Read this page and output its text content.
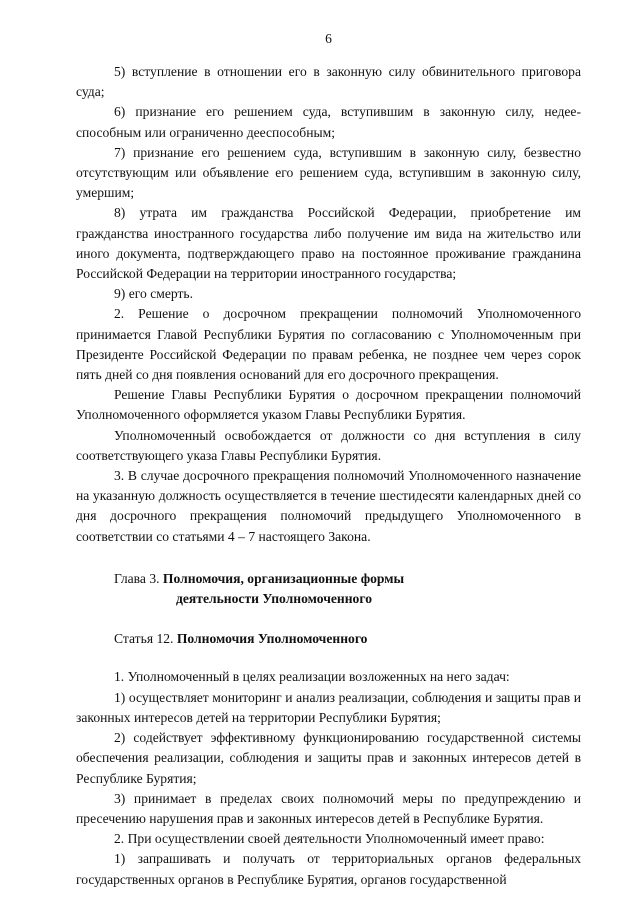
6

5) вступление в отношении его в законную силу обвинительного приговора суда;

6) признание его решением суда, вступившим в законную силу, недееспособным или ограниченно дееспособным;

7) признание его решением суда, вступившим в законную силу, безвестно отсутствующим или объявление его решением суда, вступившим в законную силу, умершим;

8) утрата им гражданства Российской Федерации, приобретение им гражданства иностранного государства либо получение им вида на жительство или иного документа, подтверждающего право на постоянное проживание гражданина Российской Федерации на территории иностранного государства;

9) его смерть.

2. Решение о досрочном прекращении полномочий Уполномоченного принимается Главой Республики Бурятия по согласованию с Уполномоченным при Президенте Российской Федерации по правам ребенка, не позднее чем через сорок пять дней со дня появления оснований для его досрочного прекращения.

Решение Главы Республики Бурятия о досрочном прекращении полномочий Уполномоченного оформляется указом Главы Республики Бурятия.

Уполномоченный освобождается от должности со дня вступления в силу соответствующего указа Главы Республики Бурятия.

3. В случае досрочного прекращения полномочий Уполномоченного назначение на указанную должность осуществляется в течение шестидесяти календарных дней со дня досрочного прекращения полномочий предыдущего Уполномоченного в соответствии со статьями 4 – 7 настоящего Закона.

Глава 3. Полномочия, организационные формы
деятельности Уполномоченного
Статья 12. Полномочия Уполномоченного

1. Уполномоченный в целях реализации возложенных на него задач:

1) осуществляет мониторинг и анализ реализации, соблюдения и защиты прав и законных интересов детей на территории Республики Бурятия;

2) содействует эффективному функционированию государственной системы обеспечения реализации, соблюдения и защиты прав и законных интересов детей в Республике Бурятия;

3) принимает в пределах своих полномочий меры по предупреждению и пресечению нарушения прав и законных интересов детей в Республике Бурятия.

2. При осуществлении своей деятельности Уполномоченный имеет право:

1) запрашивать и получать от территориальных органов федеральных государственных органов в Республике Бурятия, органов государственной
